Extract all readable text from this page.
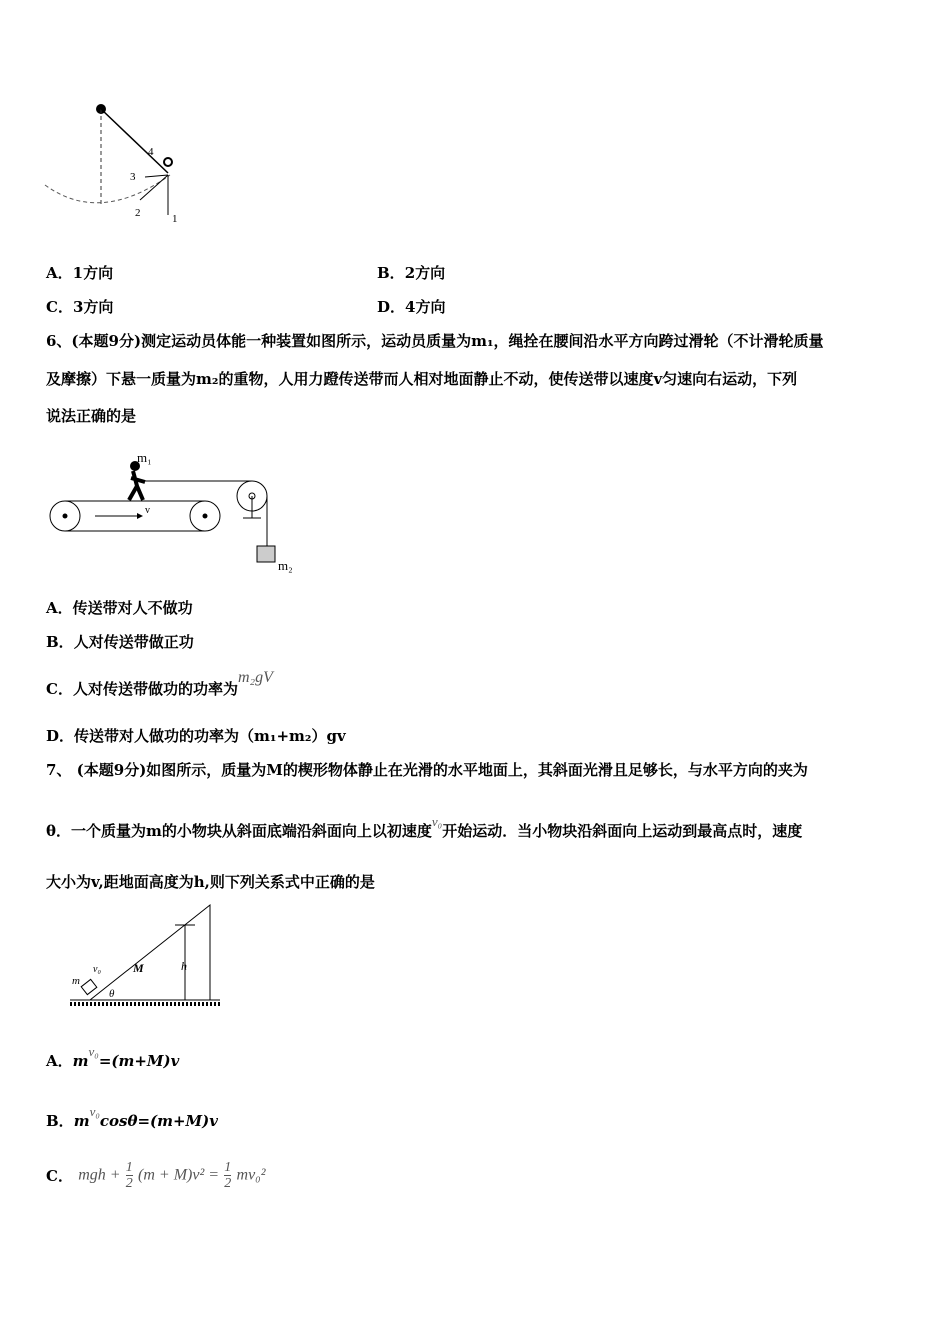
4
3
2	1
A．1方向	B．2方向
C．3方向	D．4方向
6、(本题9分)测定运动员体能一种装置如图所示，运动员质量为m₁，绳拴在腰间沿水平方向跨过滑轮（不计滑轮质量
及摩擦）下悬一质量为m₂的重物，人用力蹬传送带而人相对地面静止不动，使传送带以速度v匀速向右运动，下列
说法正确的是
v
m₁
m₂
A．传送带对人不做功
B．人对传送带做正功
C．人对传送带做功的功率为m₂gV
D．传送带对人做功的功率为（m₁+m₂）gv
7、 (本题9分)如图所示，质量为M的楔形物体静止在光滑的水平地面上，其斜面光滑且足够长，与水平方向的夹为
θ．一个质量为m的小物块从斜面底端沿斜面向上以初速度v₀开始运动．当小物块沿斜面向上运动到最高点时，速度
大小为v,距地面高度为h,则下列关系式中正确的是
h
M
m
v₀
θ
A．mv₀=(m+M)v
B．mv₀cosθ=(m+M)v
C． mgh + $\frac{1}{2} (m + M)v^2 = \frac{1}{2} mv_0^2$
